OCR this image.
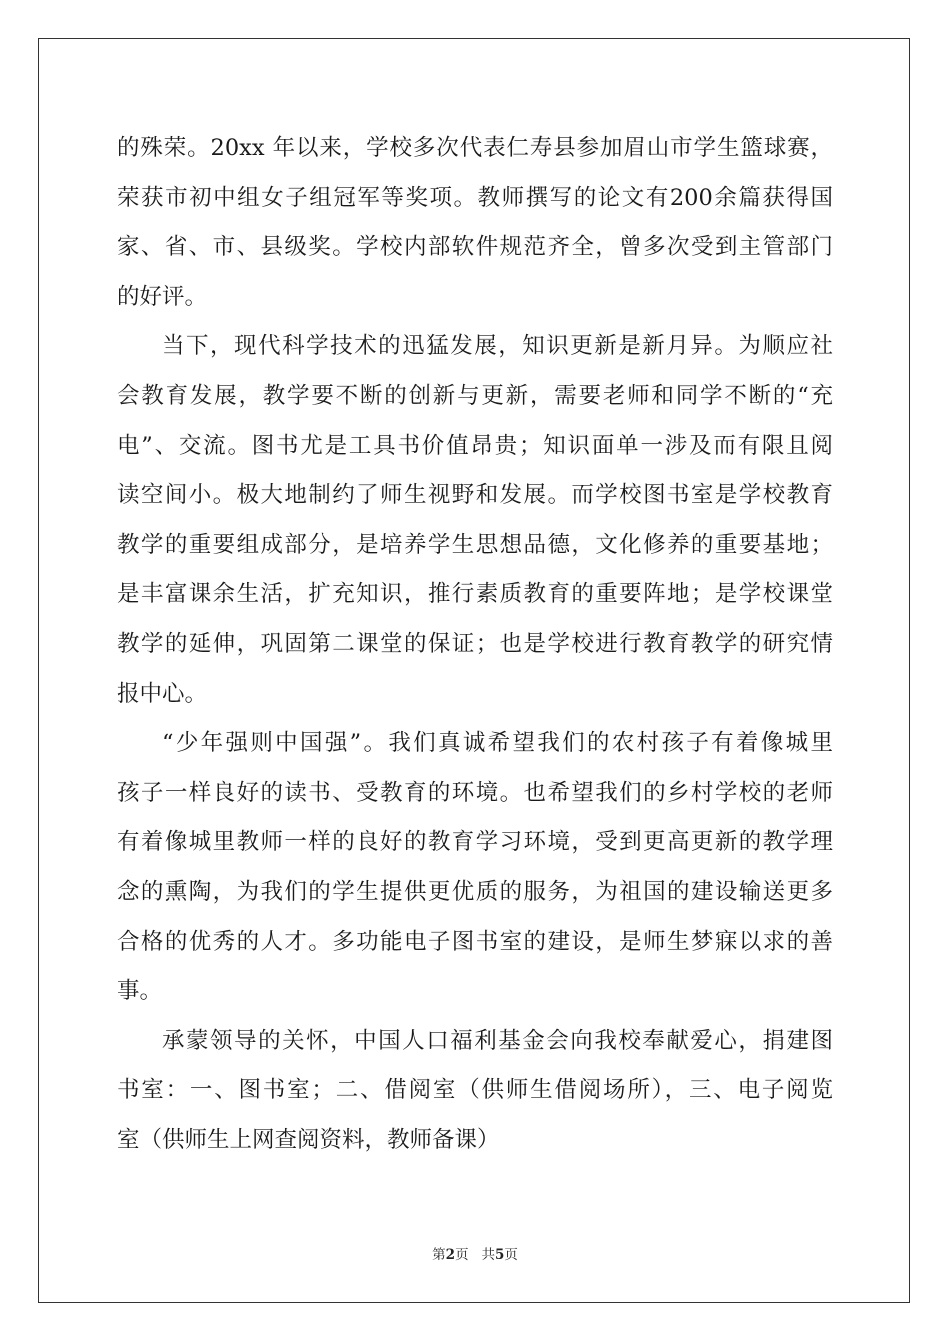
的殊荣。20xx 年以来，学校多次代表仁寿县参加眉山市学生篮球赛，
荣获市初中组女子组冠军等奖项。教师撰写的论文有200余篇获得国
家、省、市、县级奖。学校内部软件规范齐全，曾多次受到主管部门
的好评。
当下，现代科学技术的迅猛发展，知识更新是新月异。为顺应社
会教育发展，教学要不断的创新与更新，需要老师和同学不断的“充
电”、交流。图书尤是工具书价值昂贵；知识面单一涉及而有限且阅
读空间小。极大地制约了师生视野和发展。而学校图书室是学校教育
教学的重要组成部分，是培养学生思想品德，文化修养的重要基地；
是丰富课余生活，扩充知识，推行素质教育的重要阵地；是学校课堂
教学的延伸，巩固第二课堂的保证；也是学校进行教育教学的研究情
报中心。
“少年强则中国强”。我们真诚希望我们的农村孩子有着像城里
孩子一样良好的读书、受教育的环境。也希望我们的乡村学校的老师
有着像城里教师一样的良好的教育学习环境，受到更高更新的教学理
念的熏陶，为我们的学生提供更优质的服务，为祖国的建设输送更多
合格的优秀的人才。多功能电子图书室的建设，是师生梦寐以求的善
事。
承蒙领导的关怀，中国人口福利基金会向我校奉献爱心，捐建图
书室：一、图书室；二、借阅室（供师生借阅场所），三、电子阅览
室（供师生上网查阅资料，教师备课）
第2页 共5页
